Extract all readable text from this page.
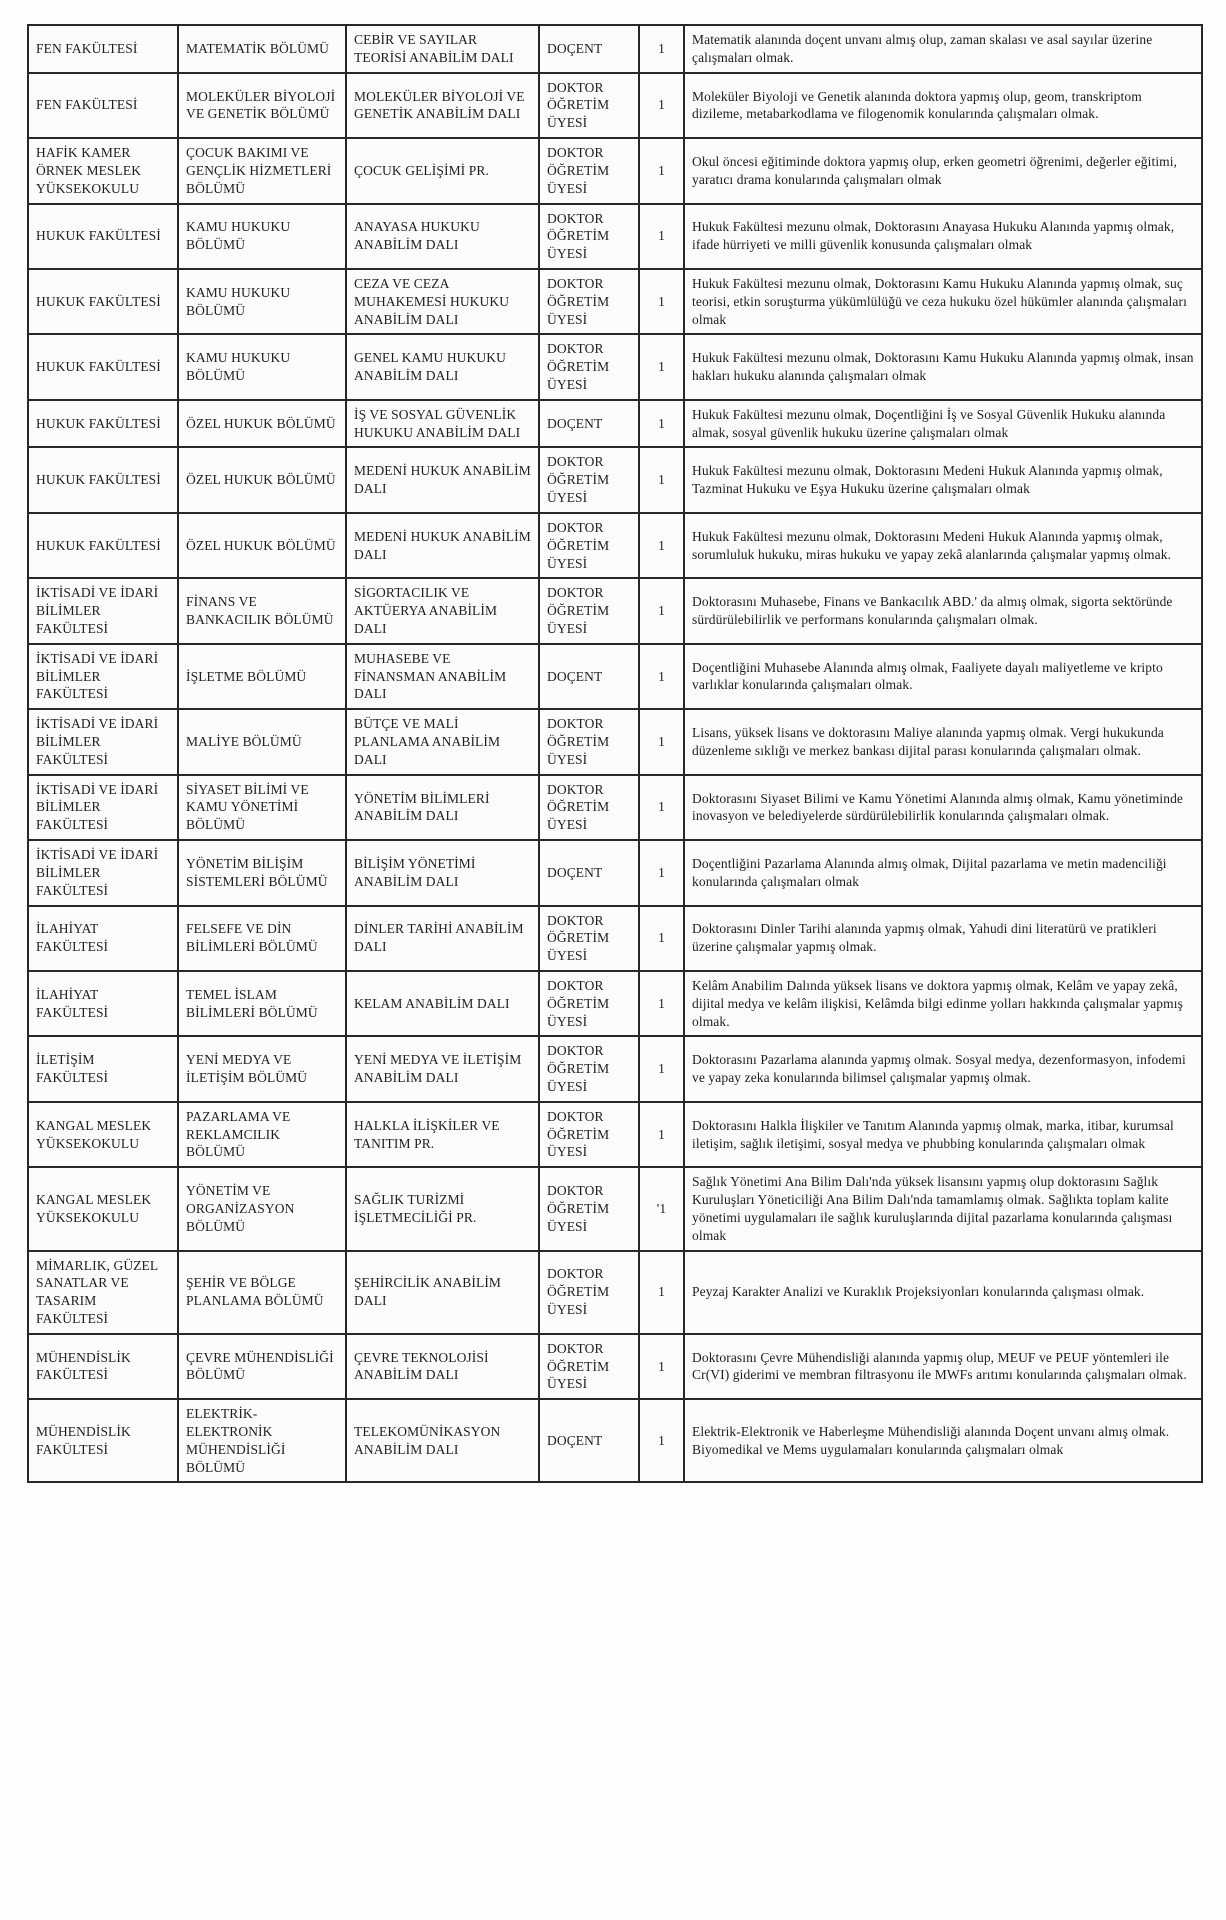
FEN FAKÜLTESİ	MATEMATİK BÖLÜMÜ	CEBİR VE SAYILAR TEORİSİ ANABİLİM DALI	DOÇENT	1	Matematik alanında doçent unvanı almış olup, zaman skalası ve asal sayılar üzerine çalışmaları olmak.
FEN FAKÜLTESİ	MOLEKÜLER BİYOLOJİ VE GENETİK BÖLÜMÜ	MOLEKÜLER BİYOLOJİ VE GENETİK ANABİLİM DALI	DOKTOR ÖĞRETİM ÜYESİ	1	Moleküler Biyoloji ve Genetik alanında doktora yapmış olup, geom, transkriptom dizileme, metabarkodlama ve filogenomik konularında çalışmaları olmak.
HAFİK KAMER ÖRNEK MESLEK YÜKSEKOKULU	ÇOCUK BAKIMI VE GENÇLİK HİZMETLERİ BÖLÜMÜ	ÇOCUK GELİŞİMİ PR.	DOKTOR ÖĞRETİM ÜYESİ	1	Okul öncesi eğitiminde doktora yapmış olup, erken geometri öğrenimi, değerler eğitimi, yaratıcı drama konularında çalışmaları olmak
HUKUK FAKÜLTESİ	KAMU HUKUKU BÖLÜMÜ	ANAYASA HUKUKU ANABİLİM DALI	DOKTOR ÖĞRETİM ÜYESİ	1	Hukuk Fakültesi mezunu olmak, Doktorasını Anayasa Hukuku Alanında yapmış olmak, ifade hürriyeti ve milli güvenlik konusunda çalışmaları olmak
HUKUK FAKÜLTESİ	KAMU HUKUKU BÖLÜMÜ	CEZA VE CEZA MUHAKEMESİ HUKUKU ANABİLİM DALI	DOKTOR ÖĞRETİM ÜYESİ	1	Hukuk Fakültesi mezunu olmak, Doktorasını Kamu Hukuku Alanında yapmış olmak, suç teorisi, etkin soruşturma yükümlülüğü ve ceza hukuku özel hükümler alanında çalışmaları olmak
HUKUK FAKÜLTESİ	KAMU HUKUKU BÖLÜMÜ	GENEL KAMU HUKUKU ANABİLİM DALI	DOKTOR ÖĞRETİM ÜYESİ	1	Hukuk Fakültesi mezunu olmak, Doktorasını Kamu Hukuku Alanında yapmış olmak, insan hakları hukuku alanında çalışmaları olmak
HUKUK FAKÜLTESİ	ÖZEL HUKUK BÖLÜMÜ	İŞ VE SOSYAL GÜVENLİK HUKUKU ANABİLİM DALI	DOÇENT	1	Hukuk Fakültesi mezunu olmak, Doçentliğini İş ve Sosyal Güvenlik Hukuku alanında almak, sosyal güvenlik hukuku üzerine çalışmaları olmak
HUKUK FAKÜLTESİ	ÖZEL HUKUK BÖLÜMÜ	MEDENİ HUKUK ANABİLİM DALI	DOKTOR ÖĞRETİM ÜYESİ	1	Hukuk Fakültesi mezunu olmak, Doktorasını Medeni Hukuk Alanında yapmış olmak, Tazminat Hukuku ve Eşya Hukuku üzerine çalışmaları olmak
HUKUK FAKÜLTESİ	ÖZEL HUKUK BÖLÜMÜ	MEDENİ HUKUK ANABİLİM DALI	DOKTOR ÖĞRETİM ÜYESİ	1	Hukuk Fakültesi mezunu olmak, Doktorasını Medeni Hukuk Alanında yapmış olmak, sorumluluk hukuku, miras hukuku ve yapay zekâ alanlarında çalışmalar yapmış olmak.
İKTİSADİ VE İDARİ BİLİMLER FAKÜLTESİ	FİNANS VE BANKACILIK BÖLÜMÜ	SİGORTACILIK VE AKTÜERYA ANABİLİM DALI	DOKTOR ÖĞRETİM ÜYESİ	1	Doktorasını Muhasebe, Finans ve Bankacılık ABD.' da almış olmak, sigorta sektöründe sürdürülebilirlik ve performans konularında çalışmaları olmak.
İKTİSADİ VE İDARİ BİLİMLER FAKÜLTESİ	İŞLETME BÖLÜMÜ	MUHASEBE VE FİNANSMAN ANABİLİM DALI	DOÇENT	1	Doçentliğini Muhasebe Alanında almış olmak, Faaliyete dayalı maliyetleme ve kripto varlıklar konularında çalışmaları olmak.
İKTİSADİ VE İDARİ BİLİMLER FAKÜLTESİ	MALİYE BÖLÜMÜ	BÜTÇE VE MALİ PLANLAMA ANABİLİM DALI	DOKTOR ÖĞRETİM ÜYESİ	1	Lisans, yüksek lisans ve doktorasını Maliye alanında yapmış olmak. Vergi hukukunda düzenleme sıklığı ve merkez bankası dijital parası konularında çalışmaları olmak.
İKTİSADİ VE İDARİ BİLİMLER FAKÜLTESİ	SİYASET BİLİMİ VE KAMU YÖNETİMİ BÖLÜMÜ	YÖNETİM BİLİMLERİ ANABİLİM DALI	DOKTOR ÖĞRETİM ÜYESİ	1	Doktorasını Siyaset Bilimi ve Kamu Yönetimi Alanında almış olmak, Kamu yönetiminde inovasyon ve belediyelerde sürdürülebilirlik konularında çalışmaları olmak.
İKTİSADİ VE İDARİ BİLİMLER FAKÜLTESİ	YÖNETİM BİLİŞİM SİSTEMLERİ BÖLÜMÜ	BİLİŞİM YÖNETİMİ ANABİLİM DALI	DOÇENT	1	Doçentliğini Pazarlama Alanında almış olmak, Dijital pazarlama ve metin madenciliği konularında çalışmaları olmak
İLAHİYAT FAKÜLTESİ	FELSEFE VE DİN BİLİMLERİ BÖLÜMÜ	DİNLER TARİHİ ANABİLİM DALI	DOKTOR ÖĞRETİM ÜYESİ	1	Doktorasını Dinler Tarihi alanında yapmış olmak, Yahudi dini literatürü ve pratikleri üzerine çalışmalar yapmış olmak.
İLAHİYAT FAKÜLTESİ	TEMEL İSLAM BİLİMLERİ BÖLÜMÜ	KELAM ANABİLİM DALI	DOKTOR ÖĞRETİM ÜYESİ	1	Kelâm Anabilim Dalında yüksek lisans ve doktora yapmış olmak, Kelâm ve yapay zekâ, dijital medya ve kelâm ilişkisi, Kelâmda bilgi edinme yolları hakkında çalışmalar yapmış olmak.
İLETİŞİM FAKÜLTESİ	YENİ MEDYA VE İLETİŞİM BÖLÜMÜ	YENİ MEDYA VE İLETİŞİM ANABİLİM DALI	DOKTOR ÖĞRETİM ÜYESİ	1	Doktorasını Pazarlama alanında yapmış olmak. Sosyal medya, dezenformasyon, infodemi ve yapay zeka konularında bilimsel çalışmalar yapmış olmak.
KANGAL MESLEK YÜKSEKOKULU	PAZARLAMA VE REKLAMCILIK BÖLÜMÜ	HALKLA İLİŞKİLER VE TANITIM PR.	DOKTOR ÖĞRETİM ÜYESİ	1	Doktorasını Halkla İlişkiler ve Tanıtım Alanında yapmış olmak, marka, itibar, kurumsal iletişim, sağlık iletişimi, sosyal medya ve phubbing konularında çalışmaları olmak
KANGAL MESLEK YÜKSEKOKULU	YÖNETİM VE ORGANİZASYON BÖLÜMÜ	SAĞLIK TURİZMİ İŞLETMECİLİĞİ PR.	DOKTOR ÖĞRETİM ÜYESİ	'1	Sağlık Yönetimi Ana Bilim Dalı'nda yüksek lisansını yapmış olup doktorasını Sağlık Kuruluşları Yöneticiliği Ana Bilim Dalı'nda tamamlamış olmak. Sağlıkta toplam kalite yönetimi uygulamaları ile sağlık kuruluşlarında dijital pazarlama konularında çalışması olmak
MİMARLIK, GÜZEL SANATLAR VE TASARIM FAKÜLTESİ	ŞEHİR VE BÖLGE PLANLAMA BÖLÜMÜ	ŞEHİRCİLİK ANABİLİM DALI	DOKTOR ÖĞRETİM ÜYESİ	1	Peyzaj Karakter Analizi ve Kuraklık Projeksiyonları konularında çalışması olmak.
MÜHENDİSLİK FAKÜLTESİ	ÇEVRE MÜHENDİSLİĞİ BÖLÜMÜ	ÇEVRE TEKNOLOJİSİ ANABİLİM DALI	DOKTOR ÖĞRETİM ÜYESİ	1	Doktorasını Çevre Mühendisliği alanında yapmış olup, MEUF ve PEUF yöntemleri ile Cr(VI) giderimi ve membran filtrasyonu ile MWFs arıtımı konularında çalışmaları olmak.
MÜHENDİSLİK FAKÜLTESİ	ELEKTRİK- ELEKTRONİK MÜHENDİSLİĞİ BÖLÜMÜ	TELEKOMÜNİKASYON ANABİLİM DALI	DOÇENT	1	Elektrik-Elektronik ve Haberleşme Mühendisliği alanında Doçent unvanı almış olmak. Biyomedikal ve Mems uygulamaları konularında çalışmaları olmak
